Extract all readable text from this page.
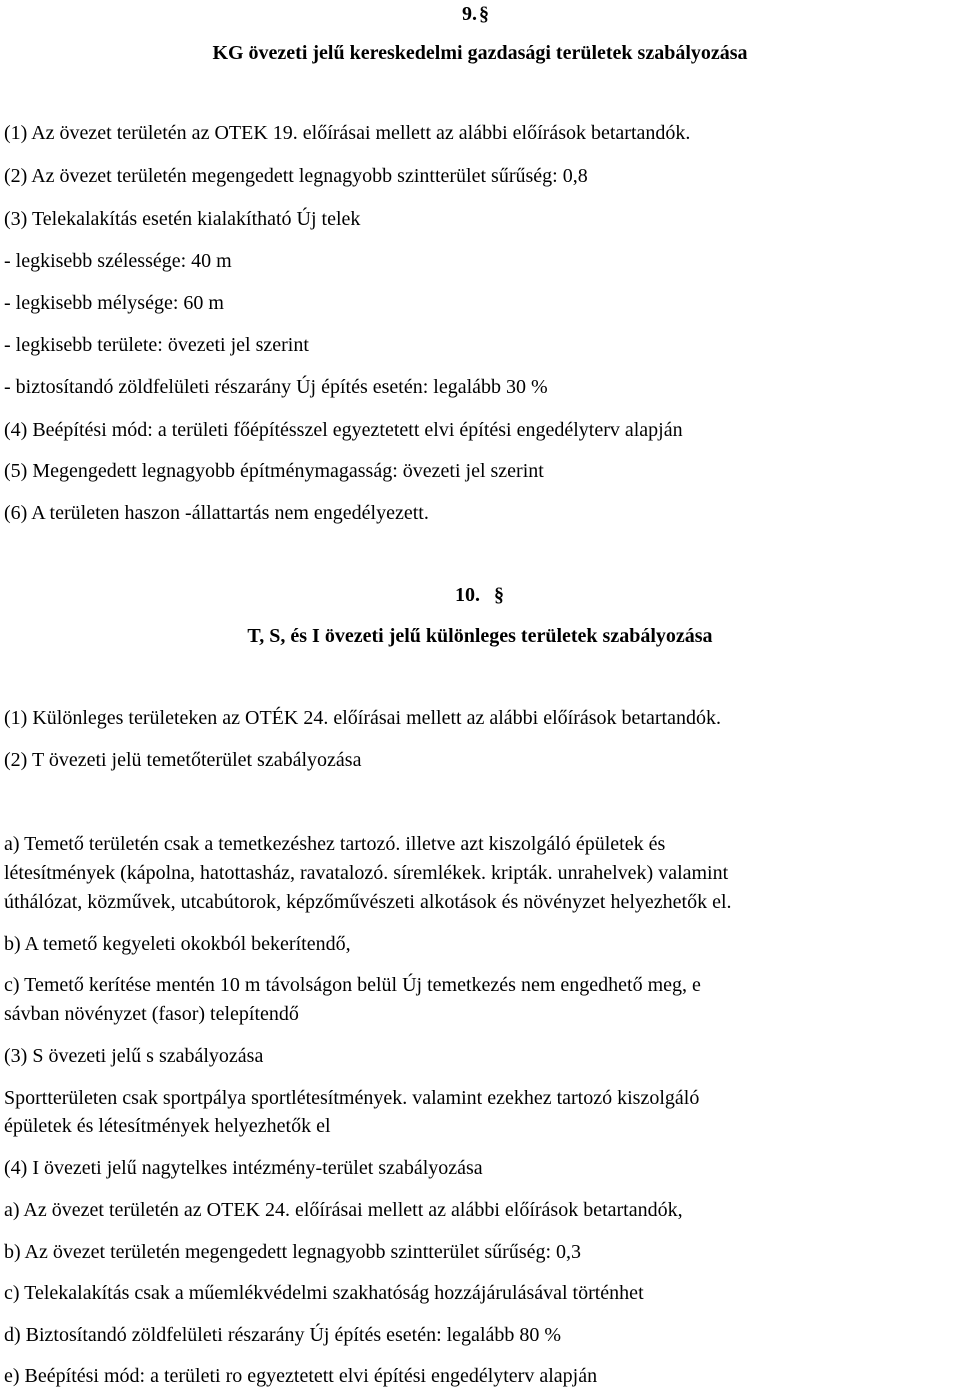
9. §
KG övezeti jelű kereskedelmi gazdasági területek szabályozása
(1) Az övezet területén az OTEK 19. előírásai mellett az alábbi előírások betartandók.
(2) Az övezet területén megengedett legnagyobb szintterület sűrűség: 0,8
(3) Telekalakítás esetén kialakítható Új telek
- legkisebb szélessége: 40 m
- legkisebb mélysége: 60 m
- legkisebb területe: övezeti jel szerint
- biztosítandó zöldfelületi részarány Új építés esetén: legalább 30 %
(4) Beépítési mód: a területi főépítésszel egyeztetett elvi építési engedélyterv alapján
(5) Megengedett legnagyobb építménymagasság: övezeti jel szerint
(6) A területen haszon -állattartás nem engedélyezett.
10. §
T, S, és I övezeti jelű különleges területek szabályozása
(1) Különleges területeken az OTÉK 24. előírásai mellett az alábbi előírások betartandók.
(2) T övezeti jelü temetőterület szabályozása
a) Temető területén csak a temetkezéshez tartozó. illetve azt kiszolgáló épületek és
létesítmények (kápolna, hatottasház, ravatalozó. síremlékek. kripták. unrahelvek) valamint
úthálózat, közművek, utcabútorok, képzőművészeti alkotások és növényzet helyezhetők el.
b) A temető kegyeleti okokból bekerítendő,
c) Temető kerítése mentén 10 m távolságon belül Új temetkezés nem engedhető meg, e
sávban növényzet (fasor) telepítendő
(3) S övezeti jelű s szabályozása
Sportterületen csak sportpálya sportlétesítmények. valamint ezekhez tartozó kiszolgáló
épületek és létesítmények helyezhetők el
(4) I övezeti jelű nagytelkes intézmény-terület szabályozása
a) Az övezet területén az OTEK 24. előírásai mellett az alábbi előírások betartandók,
b) Az övezet területén megengedett legnagyobb szintterület sűrűség: 0,3
c) Telekalakítás csak a műemlékvédelmi szakhatóság hozzájárulásával történhet
d) Biztosítandó zöldfelületi részarány Új építés esetén: legalább 80 %
e) Beépítési mód: a területi ro egyeztetett elvi építési engedélyterv alapján
